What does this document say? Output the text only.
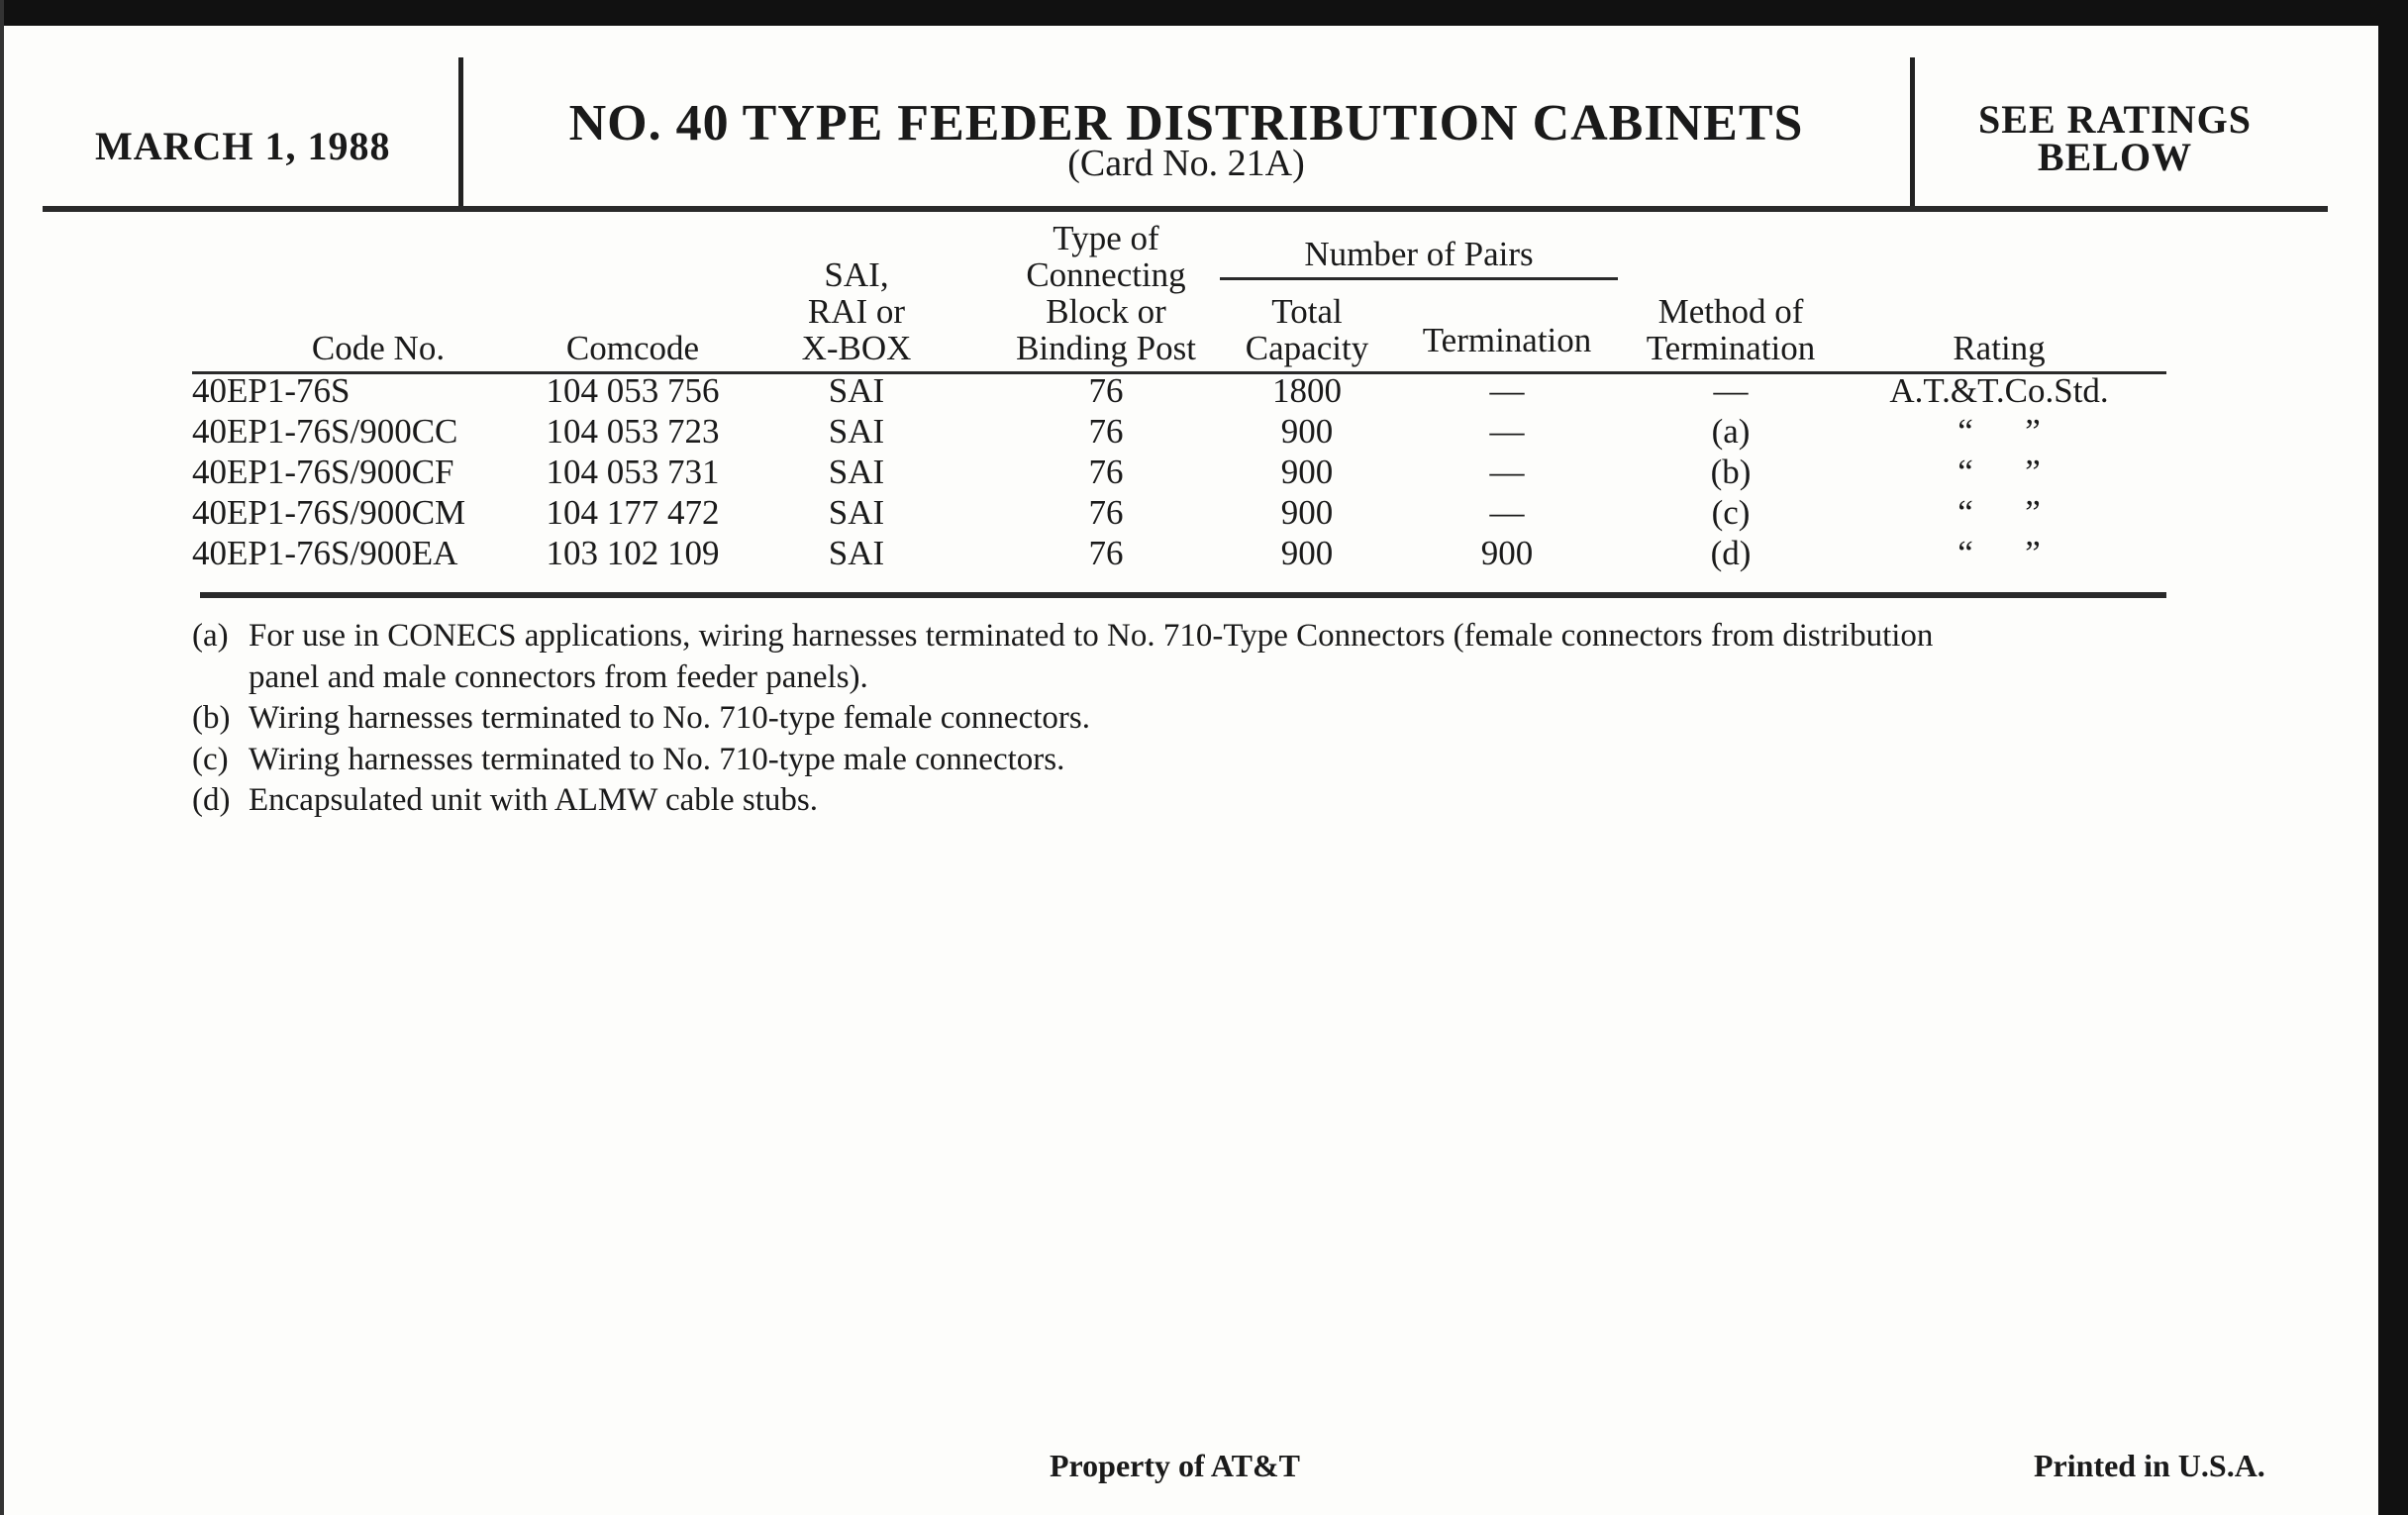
MARCH 1, 1988	NO. 40 TYPE FEEDER DISTRIBUTION CABINETS
(Card No. 21A)
SEE RATINGS
BELOW
Code No.	Comcode
SAI,
RAI or
X-BOX
Type of
Connecting
Block or
Binding Post
Total
Capacity Termination
Method of
Termination	Rating
Number of Pairs
40EP1-76S	104 053 756	SAI	76	1800	—	—	A.T.&T.Co.Std.
40EP1-76S/900CC	104 053 723	SAI	76	900	—	(a)	“      ”
40EP1-76S/900CF	104 053 731	SAI	76	900	—	(b)	“      ”
40EP1-76S/900CM 104 177 472	SAI	76	900	—	(c)	“      ”
40EP1-76S/900EA	103 102 109	SAI	76	900	900	(d)	“      ”
(a) For use in CONECS applications, wiring harnesses terminated to No. 710-Type Connectors (female connectors from distribution
panel and male connectors from feeder panels).
(b) Wiring harnesses terminated to No. 710-type female connectors.
(c) Wiring harnesses terminated to No. 710-type male connectors.
(d) Encapsulated unit with ALMW cable stubs.
Property of AT&T	Printed in U.S.A.
